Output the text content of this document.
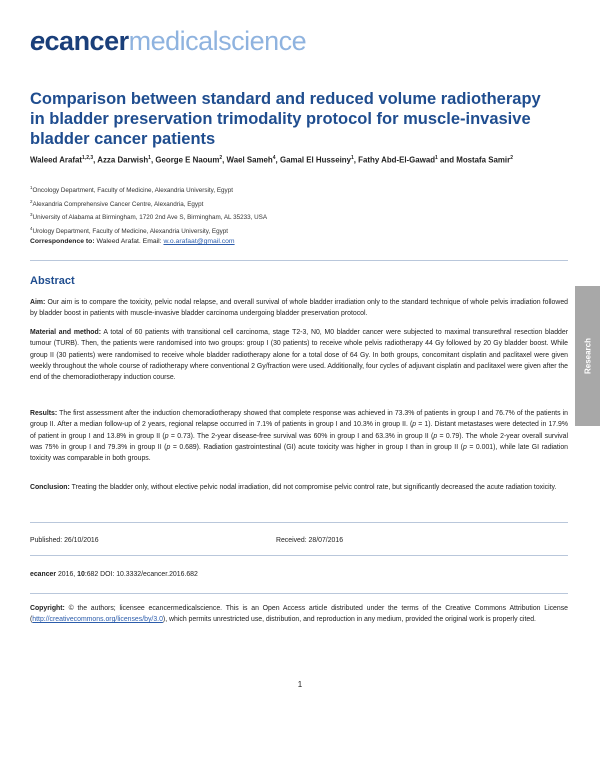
ecancermedicalscience
Comparison between standard and reduced volume radiotherapy in bladder preservation trimodality protocol for muscle-invasive bladder cancer patients
Waleed Arafat$^{1,2,3}$, Azza Darwish$^1$, George E Naoum$^2$, Wael Sameh$^4$, Gamal El Husseiny$^1$, Fathy Abd-El-Gawad$^1$ and Mostafa Samir$^2$
$^1$Oncology Department, Faculty of Medicine, Alexandria University, Egypt
$^2$Alexandria Comprehensive Cancer Centre, Alexandria, Egypt
$^3$University of Alabama at Birmingham, 1720 2nd Ave S, Birmingham, AL 35233, USA
$^4$Urology Department, Faculty of Medicine, Alexandria University, Egypt
Correspondence to: Waleed Arafat. Email: w.o.arafaat@gmail.com
Abstract
Aim: Our aim is to compare the toxicity, pelvic nodal relapse, and overall survival of whole bladder irradiation only to the standard technique of whole pelvis irradiation followed by bladder boost in patients with muscle-invasive bladder carcinoma undergoing bladder preservation protocol.
Material and method: A total of 60 patients with transitional cell carcinoma, stage T2-3, N0, M0 bladder cancer were subjected to maximal transurethral resection bladder tumour (TURB). Then, the patients were randomised into two groups: group I (30 patients) to receive whole pelvis radiotherapy 44 Gy followed by 20 Gy bladder boost. While group II (30 patients) were randomised to receive whole bladder radiotherapy alone for a total dose of 64 Gy. In both groups, concomitant cisplatin and paclitaxel were given weekly throughout the whole course of radiotherapy where conventional 2 Gy/fraction were used. Additionally, four cycles of adjuvant cisplatin and paclitaxel were given after the end of the chemoradiotherapy induction course.
Results: The first assessment after the induction chemoradiotherapy showed that complete response was achieved in 73.3% of patients in group I and 76.7% of the patients in group II. After a median follow-up of 2 years, regional relapse occurred in 7.1% of patients in group I and 10.3% in group II. (p = 1). Distant metastases were detected in 17.9% of patient in group I and 13.8% in group II (p = 0.73). The 2-year disease-free survival was 60% in group I and 63.3% in group II (p = 0.79). The whole 2-year overall survival was 75% in group I and 79.3% in group II (p = 0.689). Radiation gastrointestinal (GI) acute toxicity was higher in group I than in group II (p = 0.001), while late GI radiation toxicity was comparable in both groups.
Conclusion: Treating the bladder only, without elective pelvic nodal irradiation, did not compromise pelvic control rate, but significantly decreased the acute radiation toxicity.
Published: 26/10/2016	Received: 28/07/2016
ecancer 2016, 10:682 DOI: 10.3332/ecancer.2016.682
Copyright: © the authors; licensee ecancermedicalscience. This is an Open Access article distributed under the terms of the Creative Commons Attribution License (http://creativecommons.org/licenses/by/3.0), which permits unrestricted use, distribution, and reproduction in any medium, provided the original work is properly cited.
Research
1
